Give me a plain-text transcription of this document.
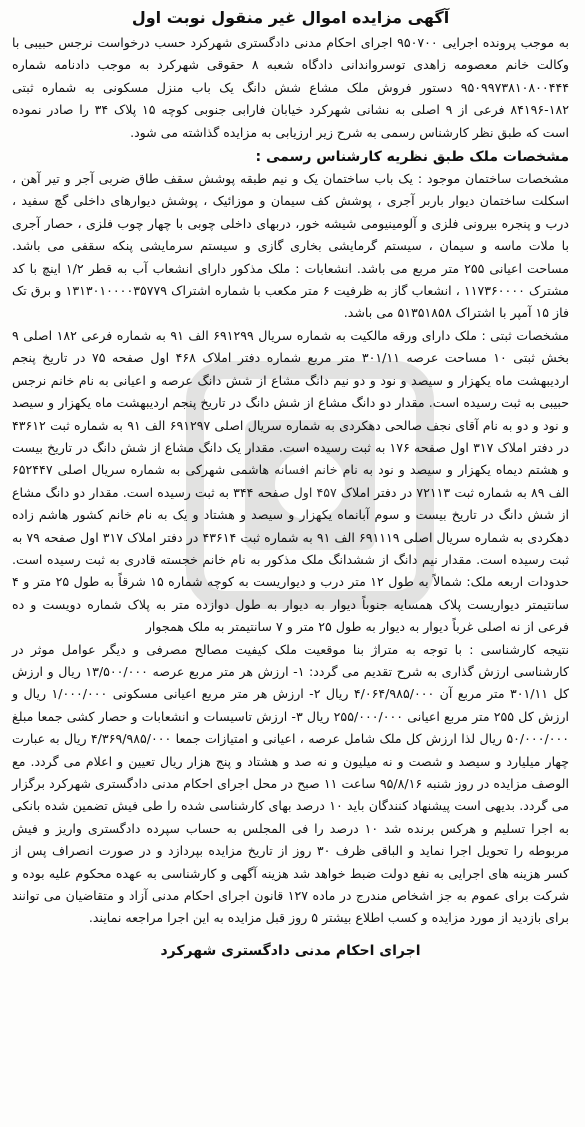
آگهی مزایده اموال غیر منقول نوبت اول

به موجب پرونده اجرایی ۹۵۰۷۰۰ اجرای احکام مدنی دادگستری شهرکرد حسب درخواست نرجس حبیبی با وکالت خانم معصومه زاهدی توسرواندانی دادگاه شعبه ۸ حقوقی شهرکرد به موجب دادنامه شماره ۹۵۰۹۹۷۳۸۱۰۸۰۰۴۴۴ دستور فروش ملک مشاع شش دانگ یک باب منزل مسکونی به شماره ثبتی ۱۸۲-۸۴۱۹۶ فرعی از ۹ اصلی به نشانی شهرکرد خیابان فارابی جنوبی کوچه ۱۵ پلاک ۳۴ را صادر نموده است که طبق نظر کارشناس رسمی به شرح زیر ارزیابی به مزایده گذاشته می شود.

مشخصات ملک طبق نظریه کارشناس رسمی :

مشخصات ساختمان موجود : یک باب ساختمان یک و نیم طبقه پوشش سقف طاق ضربی آجر و تیر آهن ، اسکلت ساختمان دیوار باربر آجری ، پوشش کف سیمان و موزائیک ، پوشش دیوارهای داخلی گچ سفید ، درب و پنجره بیرونی فلزی و آلومینیومی شیشه خور، دربهای داخلی چوبی با چهار چوب فلزی ، حصار آجری با ملات ماسه و سیمان ، سیستم گرمایشی بخاری گازی و سیستم سرمایشی پنکه سقفی می باشد. مساحت اعیانی ۲۵۵ متر مربع می باشد. انشعابات : ملک مذکور دارای انشعاب آب به قطر ۱/۲ اینچ با کد مشترک ۱۱۷۳۶۰۰۰۰ ، انشعاب گاز به ظرفیت ۶ متر مکعب با شماره اشتراک ۱۳۱۳۰۱۰۰۰۰۳۵۷۷۹ و برق تک فاز ۱۵ آمپر با اشتراک ۵۱۳۵۱۸۵۸ می باشد.

مشخصات ثبتی : ملک دارای ورقه مالکیت به شماره سریال ۶۹۱۲۹۹ الف ۹۱ به شماره فرعی ۱۸۲ اصلی ۹ بخش ثبتی ۱۰ مساحت عرصه ۳۰۱/۱۱ متر مربع شماره دفتر املاک ۴۶۸ اول صفحه ۷۵ در تاریخ پنجم اردیبهشت ماه یکهزار و سیصد و نود و دو نیم دانگ مشاع از شش دانگ عرصه و اعیانی به نام خانم نرجس حبیبی به ثبت رسیده است. مقدار دو دانگ مشاع از شش دانگ در تاریخ پنجم اردیبهشت ماه یکهزار و سیصد و نود و دو به نام آقای نجف صالحی دهکردی به شماره سریال اصلی ۶۹۱۲۹۷ الف ۹۱ به شماره ثبت ۴۳۶۱۲ در دفتر املاک ۳۱۷ اول صفحه ۱۷۶ به ثبت رسیده است. مقدار یک دانگ مشاع از شش دانگ در تاریخ بیست و هشتم دیماه یکهزار و سیصد و نود به نام خانم افسانه هاشمی شهرکی به شماره سریال اصلی ۶۵۲۴۴۷ الف ۸۹ به شماره ثبت ۷۲۱۱۳ در دفتر املاک ۴۵۷ اول صفحه ۳۴۴ به ثبت رسیده است. مقدار دو دانگ مشاع از شش دانگ در تاریخ بیست و سوم آبانماه یکهزار و سیصد و هشتاد و یک به نام خانم کشور هاشم زاده دهکردی به شماره سریال اصلی ۶۹۱۱۱۹ الف ۹۱ به شماره ثبت ۴۳۶۱۴ در دفتر املاک ۳۱۷ اول صفحه ۷۹ به ثبت رسیده است. مقدار نیم دانگ از ششدانگ ملک مذکور به نام خانم خجسته قادری به ثبت رسیده است. حدودات اربعه ملک: شمالاً به طول ۱۲ متر درب و دیواریست به کوچه شماره ۱۵ شرقاً به طول ۲۵ متر و ۴ سانتیمتر دیواریست پلاک همسایه جنوباً دیوار به دیوار به طول دوازده متر به پلاک شماره دویست و ده فرعی از نه اصلی غرباً دیوار به دیوار به طول ۲۵ متر و ۷ سانتیمتر به ملک همجوار

نتیجه کارشناسی : با توجه به متراژ بنا موقعیت ملک کیفیت مصالح مصرفی و دیگر عوامل موثر در کارشناسی ارزش گذاری به شرح تقدیم می گردد: ۱- ارزش هر متر مربع عرصه ۱۳/۵۰۰/۰۰۰ ریال و ارزش کل ۳۰۱/۱۱ متر مربع آن ۴/۰۶۴/۹۸۵/۰۰۰ ریال ۲- ارزش هر متر مربع اعیانی مسکونی ۱/۰۰۰/۰۰۰ ریال و ارزش کل ۲۵۵ متر مربع اعیانی ۲۵۵/۰۰۰/۰۰۰ ریال ۳- ارزش تاسیسات و انشعابات و حصار کشی جمعا مبلغ ۵۰/۰۰۰/۰۰۰ ریال لذا ارزش کل ملک شامل عرصه ، اعیانی و امتیازات جمعا ۴/۳۶۹/۹۸۵/۰۰۰ ریال به عبارت چهار میلیارد و سیصد و شصت و نه میلیون و نه صد و هشتاد و پنج هزار ریال تعیین و اعلام می گردد. مع الوصف مزایده در روز شنبه ۹۵/۸/۱۶ ساعت ۱۱ صبح در محل اجرای احکام مدنی دادگستری شهرکرد برگزار می گردد. بدیهی است پیشنهاد کنندگان باید ۱۰ درصد بهای کارشناسی شده را طی فیش تضمین شده بانکی به اجرا تسلیم و هرکس برنده شد ۱۰ درصد را فی المجلس به حساب سپرده دادگستری واریز و فیش مربوطه را تحویل اجرا نماید و الباقی ظرف ۳۰ روز از تاریخ مزایده بپردازد و در صورت انصراف پس از کسر هزینه های اجرایی به نفع دولت ضبط خواهد شد هزینه آگهی و کارشناسی به عهده محکوم علیه بوده و شرکت برای عموم به جز اشخاص مندرج در ماده ۱۲۷ قانون اجرای احکام مدنی آزاد و متقاضیان می توانند برای بازدید از مورد مزایده و کسب اطلاع بیشتر ۵ روز قبل مزایده به این اجرا مراجعه نمایند.

اجرای احکام مدنی دادگستری شهرکرد
